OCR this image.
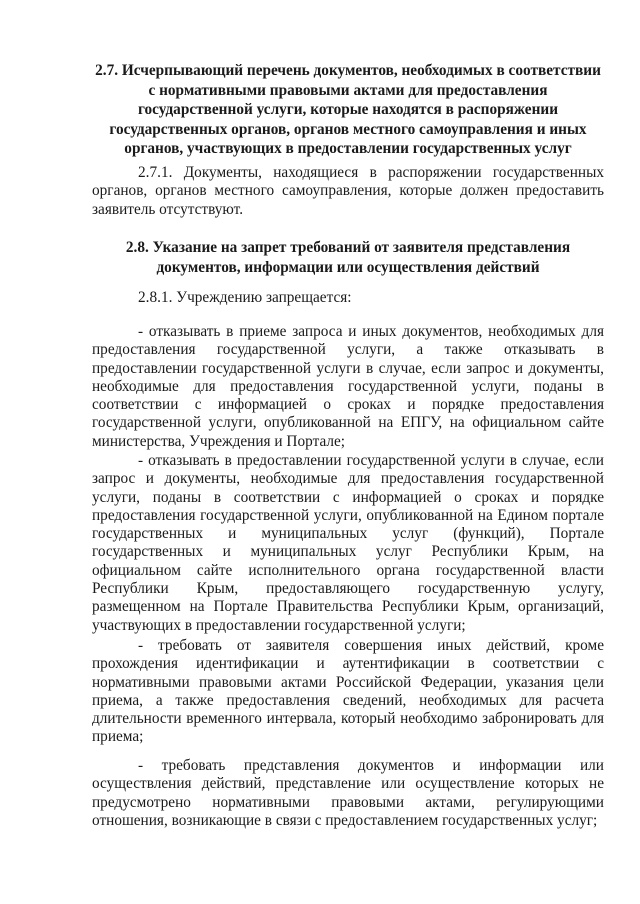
2.7. Исчерпывающий перечень документов, необходимых в соответствии
с нормативными правовыми актами для предоставления
государственной услуги, которые находятся в распоряжении
государственных органов, органов местного самоуправления и иных
органов, участвующих в предоставлении государственных услуг
2.7.1. Документы, находящиеся в распоряжении государственных
органов, органов местного самоуправления, которые должен предоставить
заявитель отсутствуют.
2.8. Указание на запрет требований от заявителя представления
документов, информации или осуществления действий
2.8.1. Учреждению запрещается:
- отказывать в приеме запроса и иных документов, необходимых для
предоставления государственной услуги, а также отказывать в
предоставлении государственной услуги в случае, если запрос и документы,
необходимые для предоставления государственной услуги, поданы в
соответствии с информацией о сроках и порядке предоставления
государственной услуги, опубликованной на ЕПГУ, на официальном сайте
министерства, Учреждения и Портале;
- отказывать в предоставлении государственной услуги в случае, если
запрос и документы, необходимые для предоставления государственной
услуги, поданы в соответствии с информацией о сроках и порядке
предоставления государственной услуги, опубликованной на Едином портале
государственных и муниципальных услуг (функций), Портале
государственных и муниципальных услуг Республики Крым, на
официальном сайте исполнительного органа государственной власти
Республики Крым, предоставляющего государственную услугу,
размещенном на Портале Правительства Республики Крым, организаций,
участвующих в предоставлении государственной услуги;
- требовать от заявителя совершения иных действий, кроме
прохождения идентификации и аутентификации в соответствии с
нормативными правовыми актами Российской Федерации, указания цели
приема, а также предоставления сведений, необходимых для расчета
длительности временного интервала, который необходимо забронировать для
приема;
- требовать представления документов и информации или
осуществления действий, представление или осуществление которых не
предусмотрено нормативными правовыми актами, регулирующими
отношения, возникающие в связи с предоставлением государственных услуг;
